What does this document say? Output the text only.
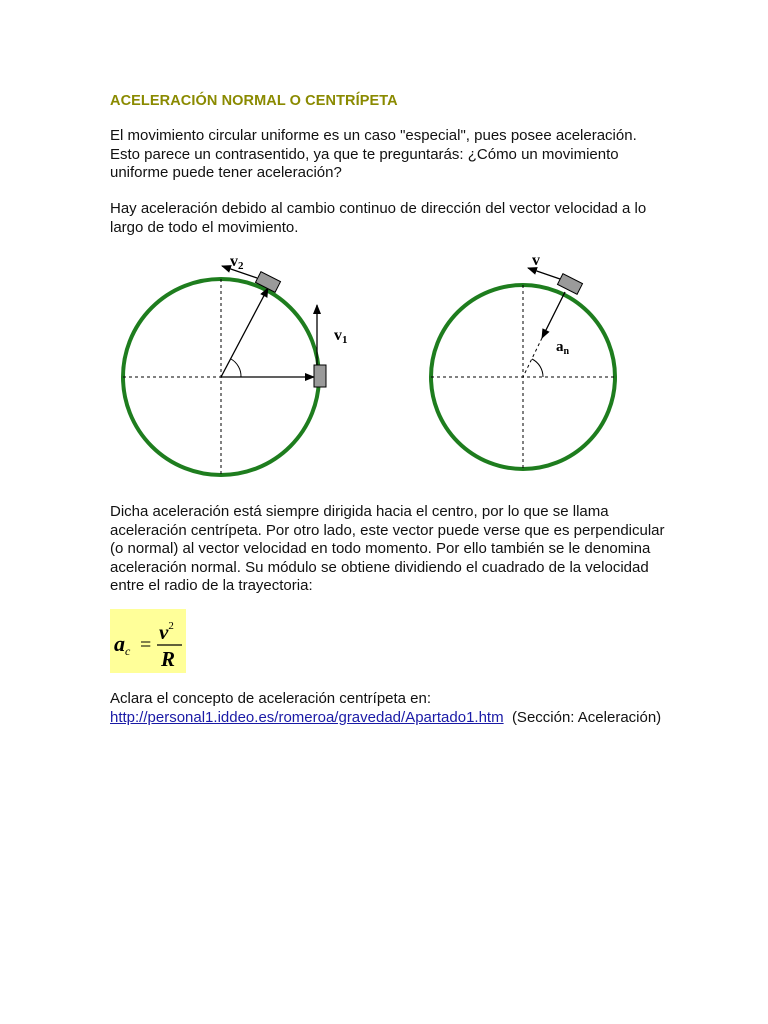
ACELERACIÓN NORMAL O CENTRÍPETA

El movimiento circular uniforme es un caso "especial", pues posee aceleración. Esto parece un contrasentido, ya que te preguntarás: ¿Cómo un movimiento uniforme puede tener aceleración?

Hay aceleración debido al cambio continuo de dirección del vector velocidad a lo largo de todo el movimiento.

Dicha aceleración está siempre dirigida hacia el centro, por lo que se llama aceleración centrípeta. Por otro lado, este vector puede verse que es perpendicular (o normal) al vector velocidad en todo momento. Por ello también se le denomina aceleración normal. Su módulo se obtiene dividiendo el cuadrado de la velocidad entre el radio de la trayectoria:

Aclara el concepto de aceleración centrípeta en:
http://personal1.iddeo.es/romeroa/gravedad/Apartado1.htm (Sección: Aceleración)

v2
v1
v
$a_n$
ac =
$v^2$
R
